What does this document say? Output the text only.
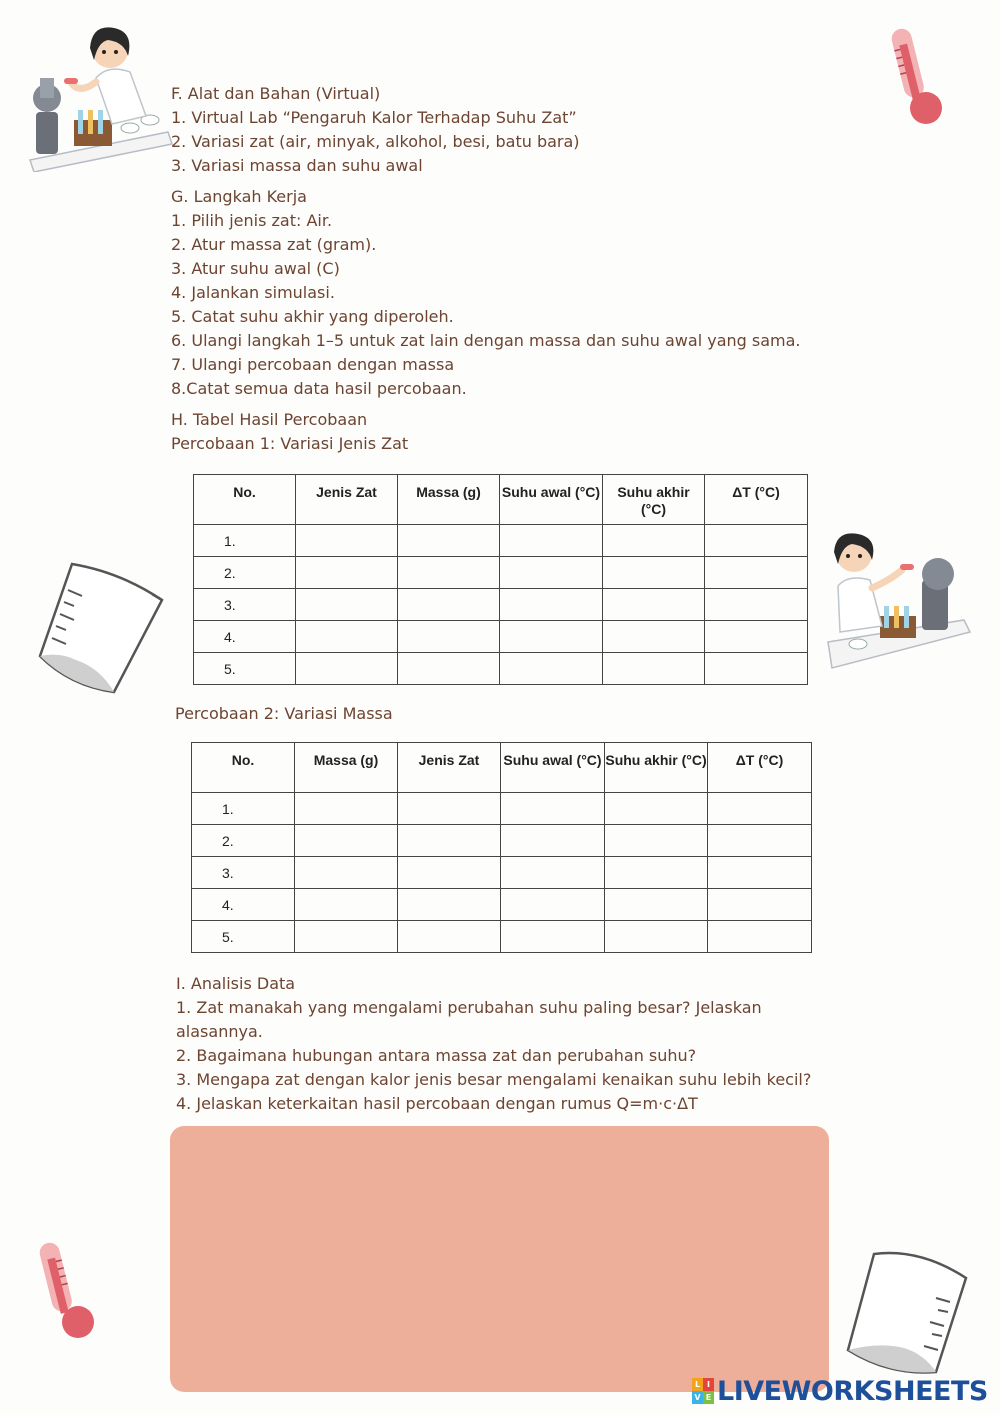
F. Alat dan Bahan (Virtual)
1. Virtual Lab “Pengaruh Kalor Terhadap Suhu Zat”
2. Variasi zat (air, minyak, alkohol, besi, batu bara)
3. Variasi massa dan suhu awal
G. Langkah Kerja
1. Pilih jenis zat: Air.
2. Atur massa zat (gram).
3. Atur suhu awal (C)
4. Jalankan simulasi.
5. Catat suhu akhir yang diperoleh.
6. Ulangi langkah 1–5 untuk zat lain dengan massa dan suhu awal yang sama.
7. Ulangi percobaan dengan massa
8.Catat semua data hasil percobaan.
H. Tabel Hasil Percobaan
Percobaan 1: Variasi Jenis Zat
No.	Jenis Zat	Massa (g)	Suhu awal (°C)	Suhu akhir (°C)	ΔT (°C)
1.					
2.					
3.					
4.					
5.					
Percobaan 2: Variasi Massa
No.	Massa (g)	Jenis Zat	Suhu awal (°C)	Suhu akhir (°C)	ΔT (°C)
1.					
2.					
3.					
4.					
5.					
I. Analisis Data
1. Zat manakah yang mengalami perubahan suhu paling besar? Jelaskan
alasannya.
2. Bagaimana hubungan antara massa zat dan perubahan suhu?
3. Mengapa zat dengan kalor jenis besar mengalami kenaikan suhu lebih kecil?
4. Jelaskan keterkaitan hasil percobaan dengan rumus Q=m·c·ΔT
L I
V E LIVEWORKSHEETS
